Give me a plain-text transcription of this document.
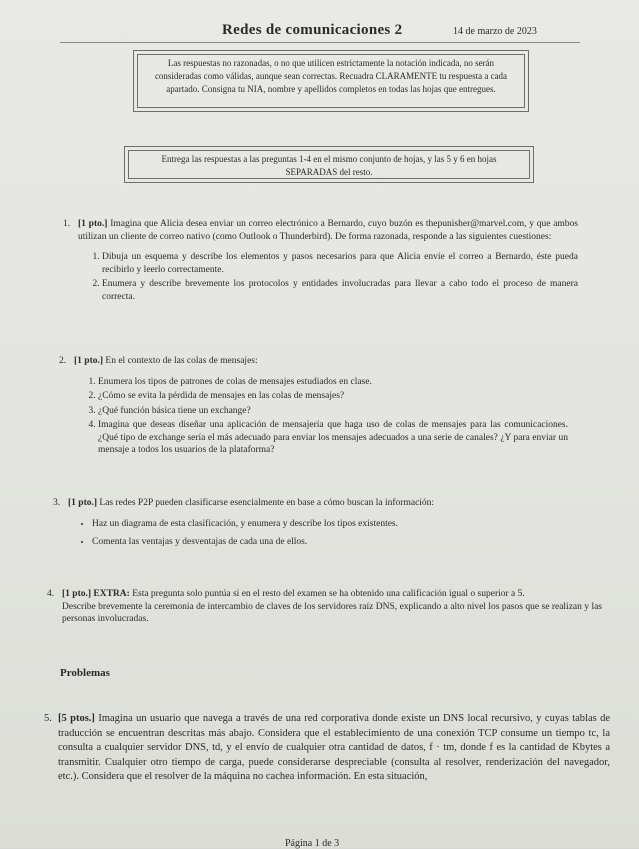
Redes de comunicaciones 2	14 de marzo de 2023
Las respuestas no razonadas, o no que utilicen estrictamente la notación indicada, no serán consideradas como válidas, aunque sean correctas. Recuadra CLARAMENTE tu respuesta a cada apartado. Consigna tu NIA, nombre y apellidos completos en todas las hojas que entregues.
Entrega las respuestas a las preguntas 1-4 en el mismo conjunto de hojas, y las 5 y 6 en hojas SEPARADAS del resto.
1. [1 pto.] Imagina que Alicia desea enviar un correo electrónico a Bernardo, cuyo buzón es thepunisher@marvel.com, y que ambos utilizan un cliente de correo nativo (como Outlook o Thunderbird). De forma razonada, responde a las siguientes cuestiones:

1. Dibuja un esquema y describe los elementos y pasos necesarios para que Alicia envíe el correo a Bernardo, éste pueda recibirlo y leerlo correctamente.
2. Enumera y describe brevemente los protocolos y entidades involucradas para llevar a cabo todo el proceso de manera correcta.
2. [1 pto.] En el contexto de las colas de mensajes:

1. Enumera los tipos de patrones de colas de mensajes estudiados en clase.
2. ¿Cómo se evita la pérdida de mensajes en las colas de mensajes?
3. ¿Qué función básica tiene un exchange?
4. Imagina que deseas diseñar una aplicación de mensajería que haga uso de colas de mensajes para las comunicaciones. ¿Qué tipo de exchange sería el más adecuado para enviar los mensajes adecuados a una serie de canales? ¿Y para enviar un mensaje a todos los usuarios de la plataforma?
3. [1 pto.] Las redes P2P pueden clasificarse esencialmente en base a cómo buscan la información:

• Haz un diagrama de esta clasificación, y enumera y describe los tipos existentes.
• Comenta las ventajas y desventajas de cada una de ellos.
4. [1 pto.] EXTRA: Esta pregunta solo puntúa si en el resto del examen se ha obtenido una calificación igual o superior a 5.

Describe brevemente la ceremonia de intercambio de claves de los servidores raíz DNS, explicando a alto nivel los pasos que se realizan y las personas involucradas.

Problemas
5. [5 ptos.] Imagina un usuario que navega a través de una red corporativa donde existe un DNS local recursivo, y cuyas tablas de traducción se encuentran descritas más abajo. Considera que el establecimiento de una conexión TCP consume un tiempo tc, la consulta a cualquier servidor DNS, td, y el envío de cualquier otra cantidad de datos, f · tm, donde f es la cantidad de Kbytes a transmitir. Cualquier otro tiempo de carga, puede considerarse despreciable (consulta al resolver, renderización del navegador, etc.). Considera que el resolver de la máquina no cachea información. En esta situación,

Página 1 de 3
